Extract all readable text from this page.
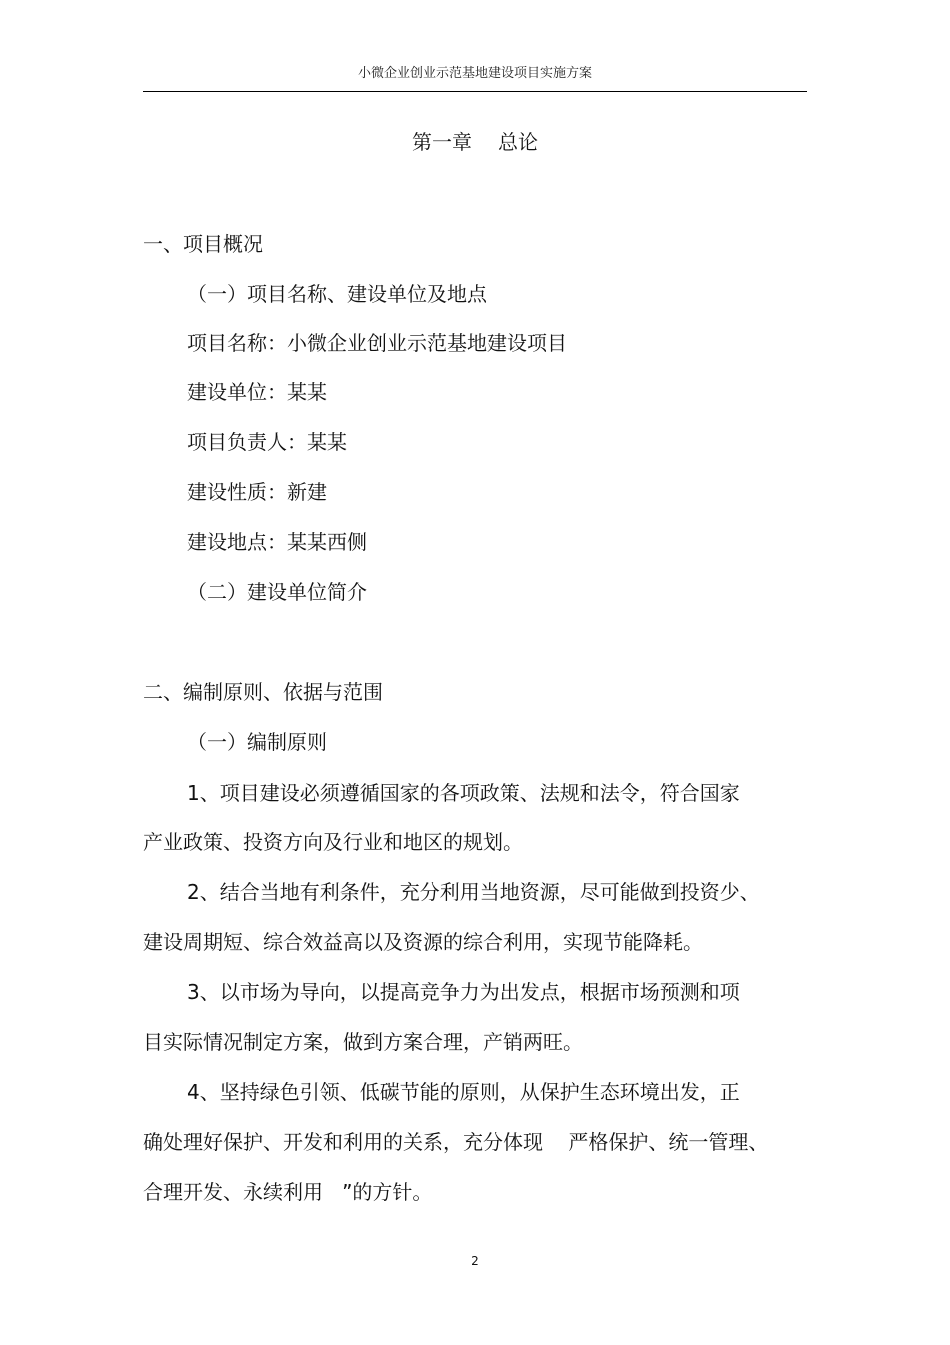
小微企业创业示范基地建设项目实施方案
第一章 总论
一、项目概况
（一）项目名称、建设单位及地点
项目名称：小微企业创业示范基地建设项目
建设单位：某某
项目负责人：某某
建设性质：新建
建设地点：某某西侧
（二）建设单位简介
二、编制原则、依据与范围
（一）编制原则
1、项目建设必须遵循国家的各项政策、法规和法令，符合国家
产业政策、投资方向及行业和地区的规划。
2、结合当地有利条件，充分利用当地资源，尽可能做到投资少、
建设周期短、综合效益高以及资源的综合利用，实现节能降耗。
3、以市场为导向，以提高竞争力为出发点，根据市场预测和项
目实际情况制定方案，做到方案合理，产销两旺。
4、坚持绿色引领、低碳节能的原则，从保护生态环境出发，正
确处理好保护、开发和利用的关系，充分体现    严格保护、统一管理、
合理开发、永续利用   ”的方针。
2
